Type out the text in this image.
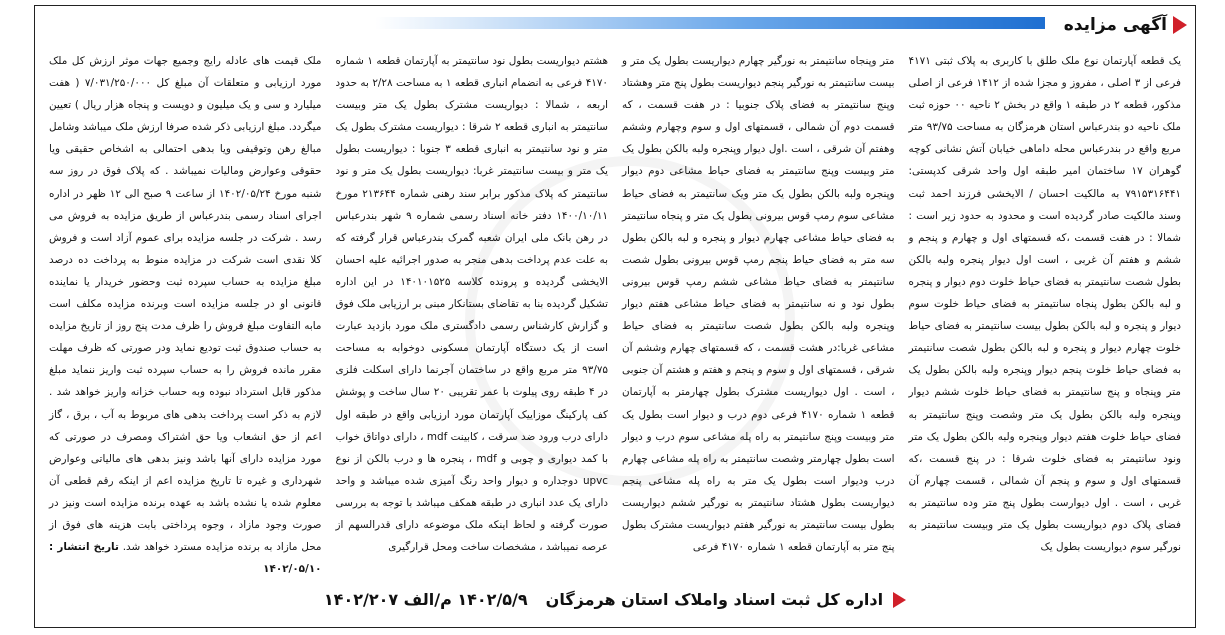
آگهی مزایده
یک قطعه آپارتمان نوع ملک طلق با کاربری به پلاک ثبتی ۴۱۷۱ فرعی از ۳ اصلی ، مفروز و مجزا شده از ۱۴۱۲ فرعی از اصلی مذکور، قطعه ۲ در طبقه ۱ واقع در بخش ۲ ناحیه ۰۰ حوزه ثبت ملک ناحیه دو بندرعباس استان هرمزگان به مساحت ۹۳/۷۵ متر مربع واقع در بندرعباس محله داماهی خیابان آتش نشانی کوچه گوهران ۱۷ ساختمان امیر طبقه اول واحد شرقی کدپستی: ۷۹۱۵۳۱۶۴۴۱ به مالکیت احسان / الایخشی فرزند احمد ثبت وسند مالکیت صادر گردیده است و محدود به حدود زیر است : شمالا : در هفت قسمت ،که قسمتهای اول و چهارم و پنجم و ششم و هفتم آن غربی ، است اول دیوار پنجره ولبه بالکن بطول شصت سانتیمتر به فضای حیاط خلوت دوم دیوار و پنجره و لبه بالکن بطول پنجاه سانتیمتر به فضای حیاط خلوت سوم دیوار و پنجره و لبه بالکن بطول بیست سانتیمتر به فضای حیاط خلوت چهارم دیوار و پنجره و لبه بالکن بطول شصت سانتیمتر به فضای حیاط خلوت پنجم دیوار وپنجره ولبه بالکن بطول یک متر وپنجاه و پنج سانتیمتر به فضای حیاط خلوت ششم دیوار وپنجره ولبه بالکن بطول یک متر وشصت وپنج سانتیمتر به فضای حیاط خلوت هفتم دیوار وپنجره ولبه بالکن بطول یک متر ونود سانتیمتر به فضای خلوت شرقا : در پنج قسمت ،که قسمتهای اول و سوم و پنجم آن شمالی ، قسمت چهارم آن غربی ، است . اول دیوارست بطول پنج متر وده سانتیمتر به فضای پلاک دوم دیواریست بطول یک متر وبیست سانتیمتر به نورگیر سوم دیواریست بطول یک
متر وپنجاه سانتیمتر به نورگیر چهارم دیواریست بطول یک متر و بیست سانتیمتر به نورگیر پنجم دیواریست بطول پنج متر وهشتاد وپنج سانتیمتر به فضای پلاک جنوبیا : در هفت قسمت ، که قسمت دوم آن شمالی ، قسمتهای اول و سوم وچهارم وششم وهفتم آن شرقی ، است .اول دیوار وپنجره ولبه بالکن بطول یک متر وبیست وپنج سانتیمتر به فضای حیاط مشاعی دوم دیوار وپنجره ولبه بالکن بطول یک متر ویک سانتیمتر به فضای حیاط مشاعی سوم رمپ قوس بیرونی بطول یک متر و پنجاه سانتیمتر به فضای حیاط مشاعی چهارم دیوار و پنجره و لبه بالکن بطول سه متر به فضای حیاط پنجم رمپ قوس بیرونی بطول شصت سانتیمتر به فضای حیاط مشاعی ششم رمپ قوس بیرونی بطول نود و نه سانتیمتر به فضای حیاط مشاعی هفتم دیوار وپنجره ولبه بالکن بطول شصت سانتیمتر به فضای حیاط مشاعی غربا:در هشت قسمت ، که قسمتهای چهارم وششم آن شرقی ، قسمتهای اول و سوم و پنجم و هفتم و هشتم آن جنوبی ، است . اول دیواریست مشترک بطول چهارمتر به آپارتمان قطعه ۱ شماره ۴۱۷۰ فرعی دوم درب و دیوار است بطول یک متر وبیست وپنج سانتیمتر به راه پله مشاعی سوم درب و دیوار است بطول چهارمتر وشصت سانتیمتر به راه پله مشاعی چهارم درب ودیوار است بطول یک متر به راه پله مشاعی پنجم دیواریست بطول هشتاد سانتیمتر به نورگیر ششم دیواریست بطول بیست سانتیمتر به نورگیر هفتم دیواریست مشترک بطول پنج متر به آپارتمان قطعه ۱ شماره ۴۱۷۰ فرعی
هشتم دیواریست بطول نود سانتیمتر به آپارتمان قطعه ۱ شماره ۴۱۷۰ فرعی به انضمام انباری قطعه ۱ به مساحت ۲/۲۸ به حدود اربعه ، شمالا : دیواریست مشترک بطول یک متر وبیست سانتیمتر به انباری قطعه ۲ شرقا : دیواریست مشترک بطول یک متر و نود سانتیمتر به انباری قطعه ۳ جنوبا : دیواریست بطول یک متر و بیست سانتیمتر غربا: دیواریست بطول یک متر و نود سانتیمتر که پلاک مذکور برابر سند رهنی شماره ۲۱۳۶۴۴ مورخ ۱۴۰۰/۱۰/۱۱ دفتر خانه اسناد رسمی شماره ۹ شهر بندرعباس در رهن بانک ملی ایران شعبه گمرک بندرعباس قرار گرفته که به علت عدم پرداخت بدهی منجر به صدور اجرائیه علیه احسان الایخشی گردیده و پرونده کلاسه ۱۴۰۱۰۱۵۲۵ در این اداره تشکیل گردیده بنا به تقاضای بستانکار مبنی بر ارزیابی ملک فوق و گزارش کارشناس رسمی دادگستری ملک مورد بازدید عبارت است از یک دستگاه آپارتمان مسکونی دوخوابه به مساحت ۹۳/۷۵ متر مربع واقع در ساختمان آجرنما دارای اسکلت فلزی در ۴ طبقه روی پیلوت با عمر تقریبی ۲۰ سال ساخت و پوشش کف پارکینگ موزاییک آپارتمان مورد ارزیابی واقع در طبقه اول دارای درب ورود ضد سرقت ، کابینت mdf ، دارای دواتاق خواب با کمد دیواری و چوبی و mdf ، پنجره ها و درب بالکن از نوع upvc دوجداره و دیوار واحد رنگ آمیزی شده میباشد و واحد دارای یک عدد انباری در طبقه همکف میباشد با توجه به بررسی صورت گرفته و لحاظ اینکه ملک موضوعه دارای قدرالسهم از عرصه نمیباشد ، مشخصات ساخت ومحل قرارگیری
ملک قیمت های عادله رایج وجمیع جهات موثر ارزش کل ملک مورد ارزیابی و متعلقات آن مبلغ کل ۷/۰۳۱/۲۵۰/۰۰۰ ( هفت میلیارد و سی و یک میلیون و دویست و پنجاه هزار ریال ) تعیین میگردد. مبلغ ارزیابی ذکر شده صرفا ارزش ملک میباشد وشامل مبالغ رهن وتوقیفی ویا بدهی احتمالی به اشخاص حقیقی ویا حقوقی وعوارض ومالیات نمیباشد . که پلاک فوق در روز سه شنبه مورخ ۱۴۰۲/۰۵/۲۴ از ساعت ۹ صبح الی ۱۲ ظهر در اداره اجرای اسناد رسمی بندرعباس از طریق مزایده به فروش می رسد . شرکت در جلسه مزایده برای عموم آزاد است و فروش کلا نقدی است شرکت در مزایده منوط به پرداخت ده درصد مبلغ مزایده به حساب سپرده ثبت وحضور خریدار یا نماینده قانونی او در جلسه مزایده است وبرنده مزایده مکلف است مابه التفاوت مبلغ فروش را ظرف مدت پنج روز از تاریخ مزایده به حساب صندوق ثبت تودیع نماید ودر صورتی که ظرف مهلت مقرر مانده فروش را به حساب سپرده ثبت واریز ننماید مبلغ مذکور قابل استرداد نبوده وبه حساب خزانه واریز خواهد شد . لازم به ذکر است پرداخت بدهی های مربوط به آب ، برق ، گاز اعم از حق انشعاب ویا حق اشتراک ومصرف در صورتی که مورد مزایده دارای آنها باشد ونیز بدهی های مالیاتی وعوارض شهرداری و غیره تا تاریخ مزایده اعم از اینکه رقم قطعی آن معلوم شده یا نشده باشد به عهده برنده مزایده است ونیز در صورت وجود مازاد ، وجوه پرداختی بابت هزینه های فوق از محل مازاد به برنده مزایده مسترد خواهد شد. تاریخ انتشار : ۱۴۰۲/۰۵/۱۰
اداره کل ثبت اسناد واملاک استان هرمزگان
۱۴۰۲/۵/۹ م/الف ۱۴۰۲/۲۰۷
